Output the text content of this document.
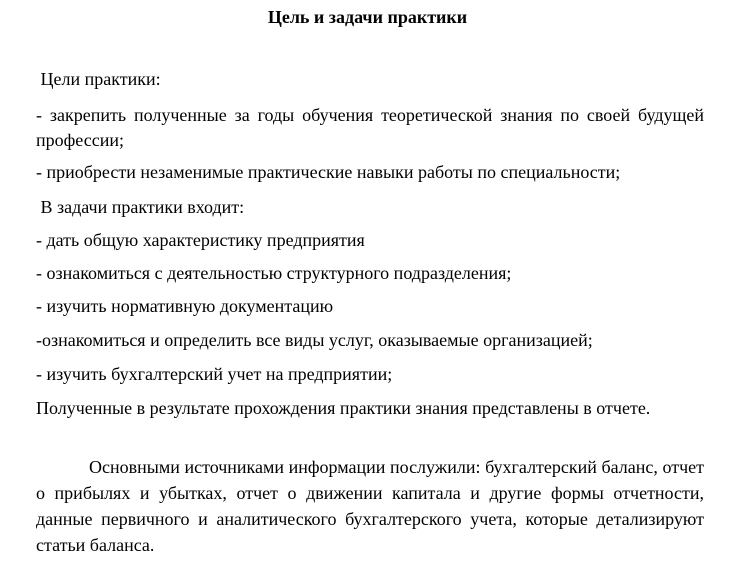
Цель и задачи практики
Цели практики:
- закрепить полученные за годы обучения теоретической знания по своей будущей профессии;
- приобрести незаменимые практические навыки работы по специальности;
В задачи практики входит:
- дать общую характеристику предприятия
- ознакомиться с деятельностью структурного подразделения;
- изучить нормативную документацию
-ознакомиться и определить все виды услуг, оказываемые организацией;
- изучить бухгалтерский учет на предприятии;
Полученные в результате прохождения практики знания представлены в отчете.
Основными источниками информации послужили: бухгалтерский баланс, отчет о прибылях и убытках, отчет о движении капитала и другие формы отчетности, данные первичного и аналитического бухгалтерского учета, которые детализируют статьи баланса.
